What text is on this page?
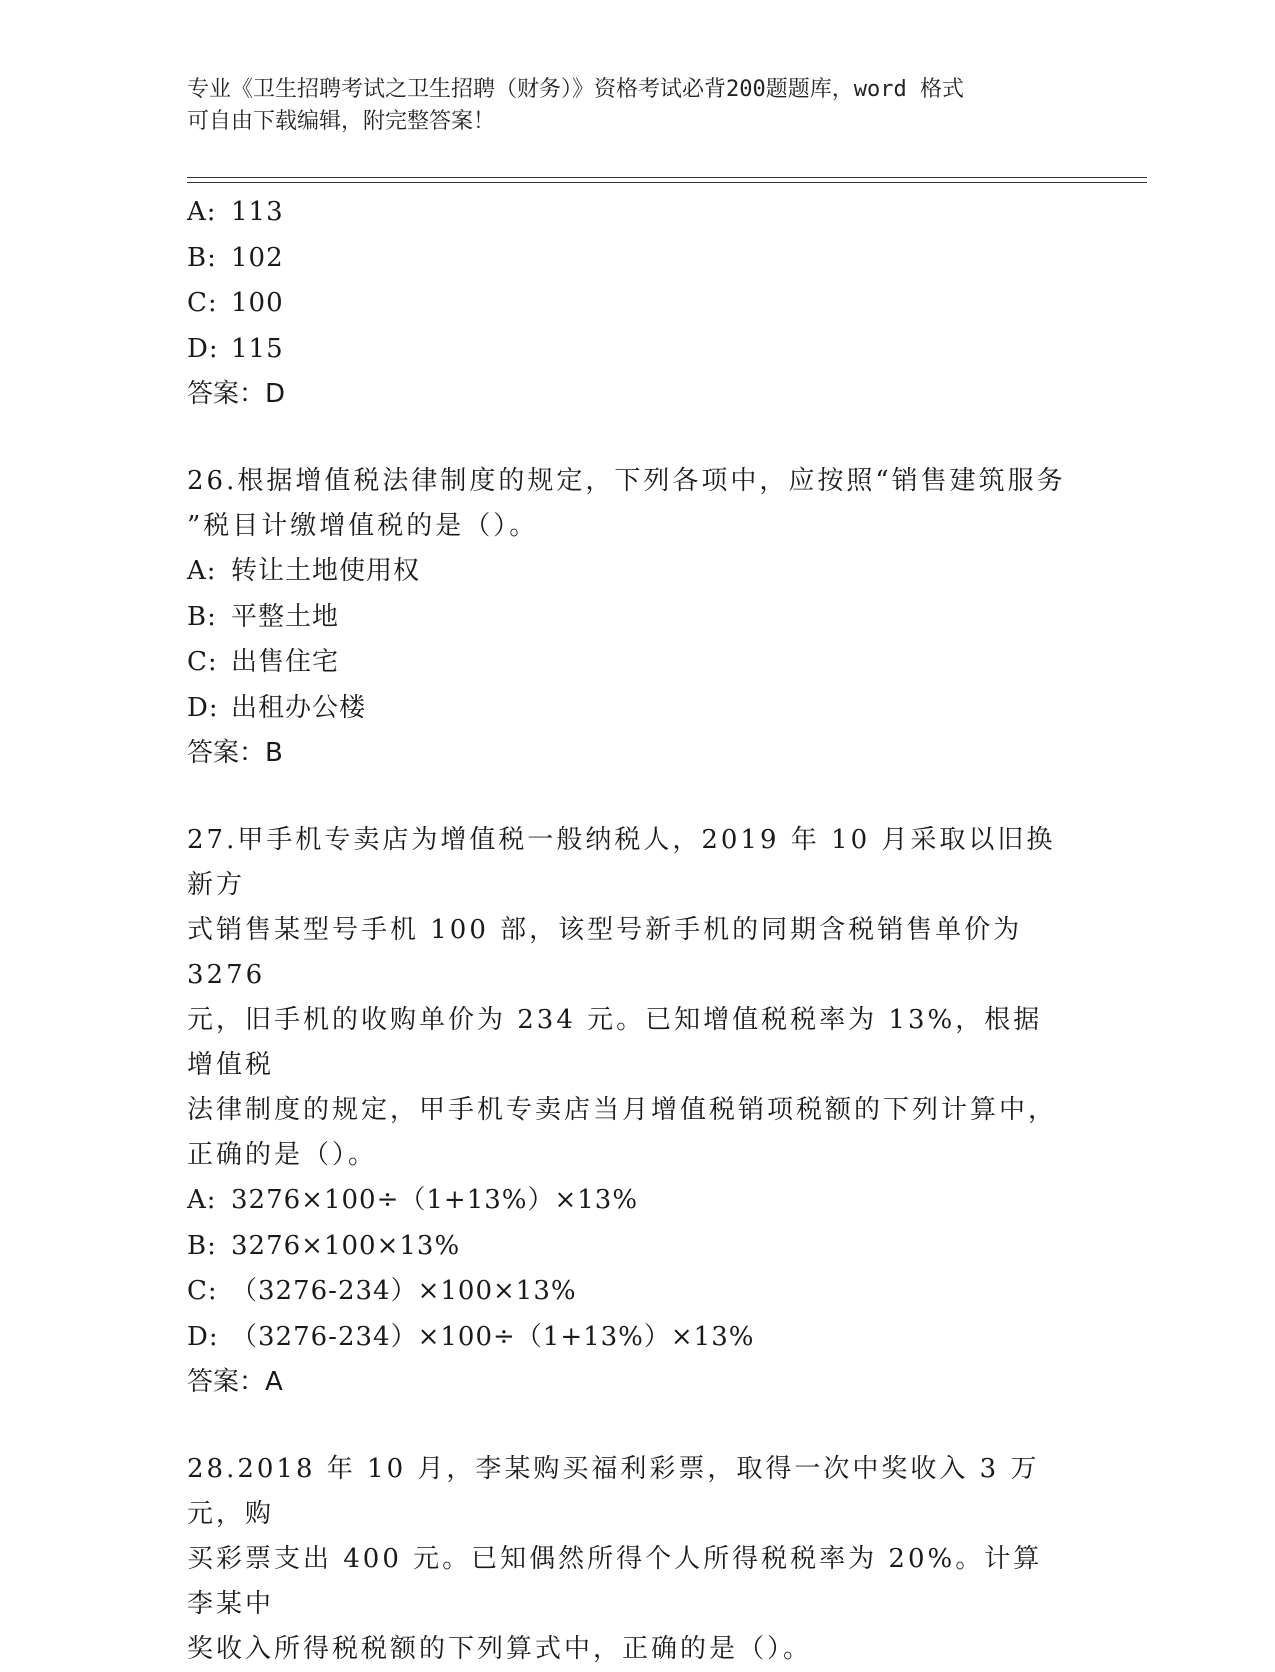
专业《卫生招聘考试之卫生招聘（财务）》资格考试必背200题题库，word 格式
可自由下载编辑，附完整答案！
A: 113
B: 102
C: 100
D: 115
答案：D
26.根据增值税法律制度的规定，下列各项中，应按照“销售建筑服务
”税目计缴增值税的是（）。
A: 转让土地使用权
B: 平整土地
C: 出售住宅
D: 出租办公楼
答案：B
27.甲手机专卖店为增值税一般纳税人，2019 年 10 月采取以旧换新方
式销售某型号手机 100 部，该型号新手机的同期含税销售单价为 3276
元，旧手机的收购单价为 234 元。已知增值税税率为 13%，根据增值税
法律制度的规定，甲手机专卖店当月增值税销项税额的下列计算中，
正确的是（）。
A: 3276×100÷（1+13%）×13%
B: 3276×100×13%
C: （3276-234）×100×13%
D: （3276-234）×100÷（1+13%）×13%
答案：A
28.2018 年 10 月，李某购买福利彩票，取得一次中奖收入 3 万元，购
买彩票支出 400 元。已知偶然所得个人所得税税率为 20%。计算李某中
奖收入所得税税额的下列算式中，正确的是（）。
